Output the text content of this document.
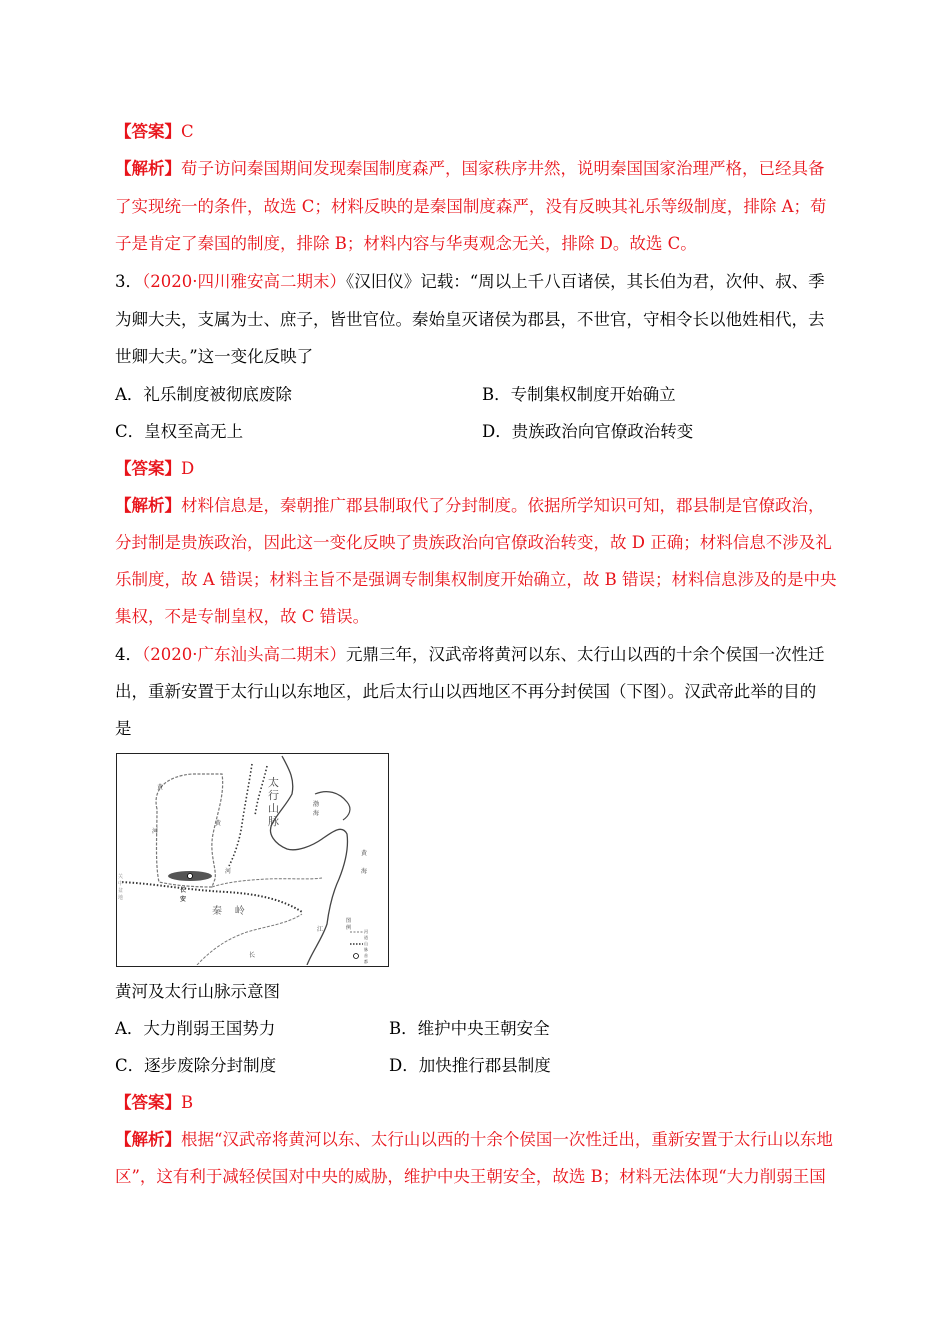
【答案】C
【解析】荀子访问秦国期间发现秦国制度森严，国家秩序井然，说明秦国国家治理严格，已经具备
了实现统一的条件，故选 C；材料反映的是秦国制度森严，没有反映其礼乐等级制度，排除 A；荀
子是肯定了秦国的制度，排除 B；材料内容与华夷观念无关，排除 D。故选 C。
3．（2020·四川雅安高二期末）《汉旧仪》记载：“周以上千八百诸侯，其长伯为君，次仲、叔、季
为卿大夫，支属为士、庶子，皆世官位。秦始皇灭诸侯为郡县，不世官，守相令长以他姓相代，去
世卿大夫。”这一变化反映了
A．礼乐制度被彻底废除	B．专制集权制度开始确立
C．皇权至高无上	D．贵族政治向官僚政治转变
【答案】D
【解析】材料信息是，秦朝推广郡县制取代了分封制度。依据所学知识可知，郡县制是官僚政治，
分封制是贵族政治，因此这一变化反映了贵族政治向官僚政治转变，故 D 正确；材料信息不涉及礼
乐制度，故 A 错误；材料主旨不是强调专制集权制度开始确立，故 B 错误；材料信息涉及的是中央
集权，不是专制皇权，故 C 错误。
4．（2020·广东汕头高二期末）元鼎三年，汉武帝将黄河以东、太行山以西的十余个侯国一次性迁
出，重新安置于太行山以东地区，此后太行山以西地区不再分封侯国（下图）。汉武帝此举的目的
是
黄
河
黄
河
渤海
黄
海
关中盆地
长安
长
江
图例
河道
山脉
首都
太
行
山
脉
秦 岭
黄河及太行山脉示意图
A．大力削弱王国势力	B．维护中央王朝安全
C．逐步废除分封制度	D．加快推行郡县制度
【答案】B
【解析】根据“汉武帝将黄河以东、太行山以西的十余个侯国一次性迁出，重新安置于太行山以东地
区”，这有利于减轻侯国对中央的威胁，维护中央王朝安全，故选 B；材料无法体现“大力削弱王国
